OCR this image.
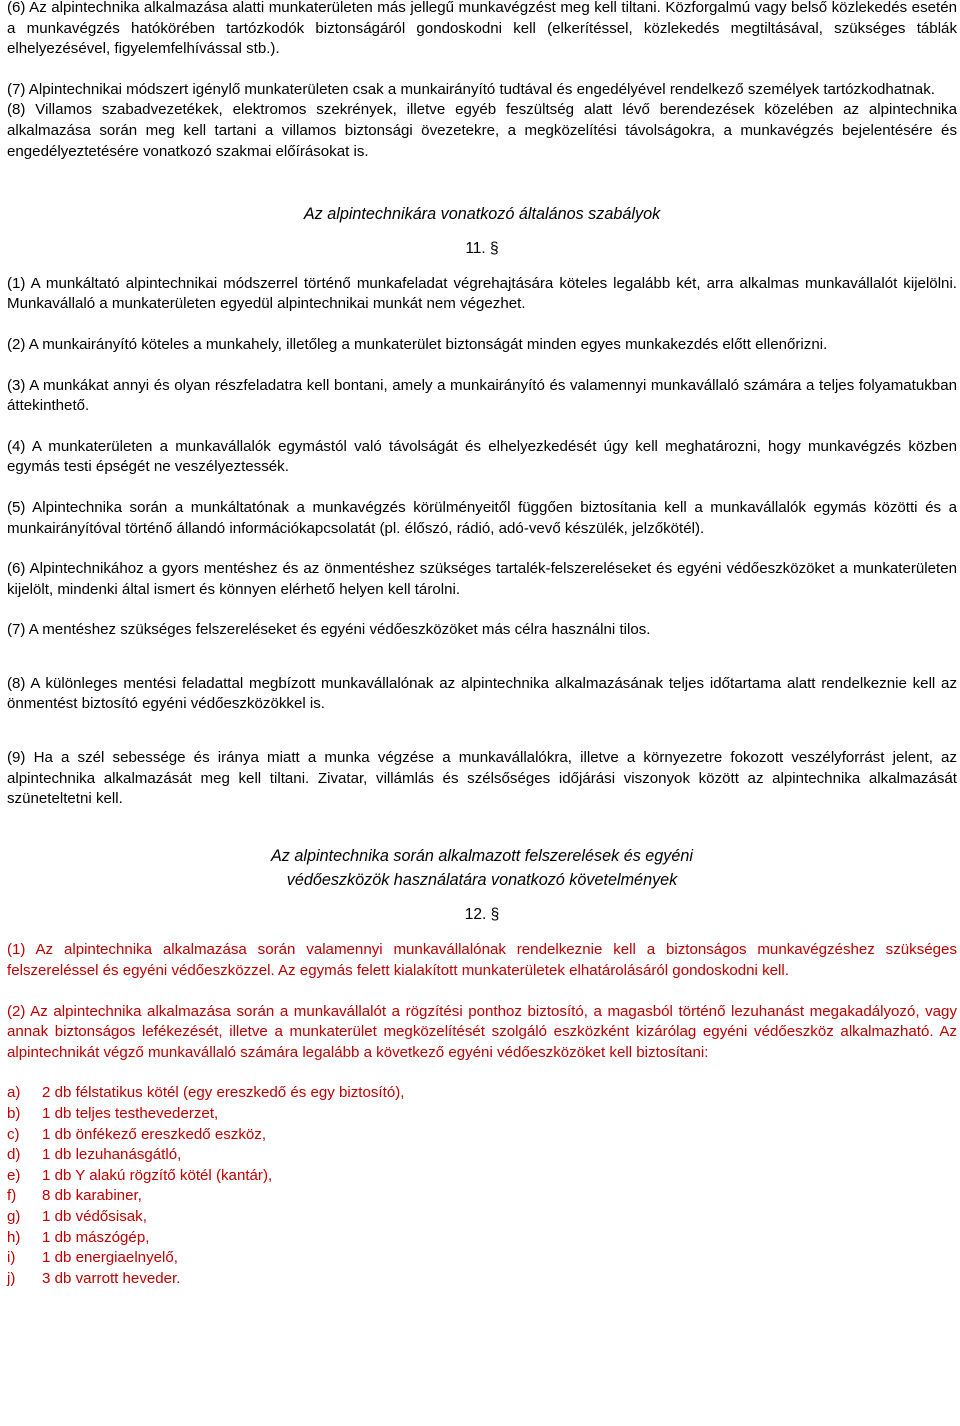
(6) Az alpintechnika alkalmazása alatti munkaterületen más jellegű munkavégzést meg kell tiltani. Közforgalmú vagy belső közlekedés esetén a munkavégzés hatókörében tartózkodók biztonságáról gondoskodni kell (elkerítéssel, közlekedés megtiltásával, szükséges táblák elhelyezésével, figyelemfelhívással stb.).

(7) Alpintechnikai módszert igénylő munkaterületen csak a munkairányító tudtával és engedélyével rendelkező személyek tartózkodhatnak.

(8) Villamos szabadvezetékek, elektromos szekrények, illetve egyéb feszültség alatt lévő berendezések közelében az alpintechnika alkalmazása során meg kell tartani a villamos biztonsági övezetekre, a megközelítési távolságokra, a munkavégzés bejelentésére és engedélyeztetésére vonatkozó szakmai előírásokat is.

Az alpintechnikára vonatkozó általános szabályok

11. §

(1) A munkáltató alpintechnikai módszerrel történő munkafeladat végrehajtására köteles legalább két, arra alkalmas munkavállalót kijelölni. Munkavállaló a munkaterületen egyedül alpintechnikai munkát nem végezhet.

(2) A munkairányító köteles a munkahely, illetőleg a munkaterület biztonságát minden egyes munkakezdés előtt ellenőrizni.

(3) A munkákat annyi és olyan részfeladatra kell bontani, amely a munkairányító és valamennyi munkavállaló számára a teljes folyamatukban áttekinthető.

(4) A munkaterületen a munkavállalók egymástól való távolságát és elhelyezkedését úgy kell meghatározni, hogy munkavégzés közben egymás testi épségét ne veszélyeztessék.

(5) Alpintechnika során a munkáltatónak a munkavégzés körülményeitől függően biztosítania kell a munkavállalók egymás közötti és a munkairányítóval történő állandó információkapcsolatát (pl. élőszó, rádió, adó-vevő készülék, jelzőkötél).

(6) Alpintechnikához a gyors mentéshez és az önmentéshez szükséges tartalék-felszereléseket és egyéni védőeszközöket a munkaterületen kijelölt, mindenki által ismert és könnyen elérhető helyen kell tárolni.

(7) A mentéshez szükséges felszereléseket és egyéni védőeszközöket más célra használni tilos.

(8) A különleges mentési feladattal megbízott munkavállalónak az alpintechnika alkalmazásának teljes időtartama alatt rendelkeznie kell az önmentést biztosító egyéni védőeszközökkel is.

(9) Ha a szél sebessége és iránya miatt a munka végzése a munkavállalókra, illetve a környezetre fokozott veszélyforrást jelent, az alpintechnika alkalmazását meg kell tiltani. Zivatar, villámlás és szélsőséges időjárási viszonyok között az alpintechnika alkalmazását szüneteltetni kell.

Az alpintechnika során alkalmazott felszerelések és egyéni

védőeszközök használatára vonatkozó követelmények

12. §

(1) Az alpintechnika alkalmazása során valamennyi munkavállalónak rendelkeznie kell a biztonságos munkavégzéshez szükséges felszereléssel és egyéni védőeszközzel. Az egymás felett kialakított munkaterületek elhatárolásáról gondoskodni kell.

(2) Az alpintechnika alkalmazása során a munkavállalót a rögzítési ponthoz biztosító, a magasból történő lezuhanást megakadályozó, vagy annak biztonságos lefékezését, illetve a munkaterület megközelítését szolgáló eszközként kizárólag egyéni védőeszköz alkalmazható. Az alpintechnikát végző munkavállaló számára legalább a következő egyéni védőeszközöket kell biztosítani:

a) 2 db félstatikus kötél (egy ereszkedő és egy biztosító),
b) 1 db teljes testhevederzet,
c) 1 db önfékező ereszkedő eszköz,
d) 1 db lezuhanásgátló,
e) 1 db Y alakú rögzítő kötél (kantár),
f) 8 db karabiner,
g) 1 db védősisak,
h) 1 db mászógép,
i) 1 db energiaelnyelő,
j) 3 db varrott heveder.
